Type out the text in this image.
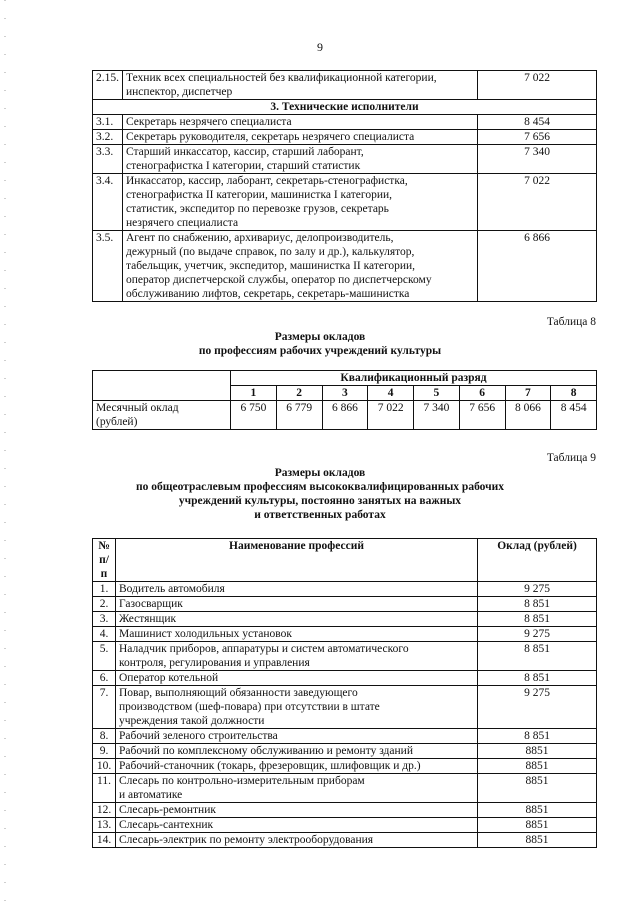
9
2.15.	Техник всех специальностей без квалификационной категории,
инспектор, диспетчер	7 022
3. Технические исполнители		
3.1.	Секретарь незрячего специалиста	8 454
3.2.	Секретарь руководителя, секретарь незрячего специалиста	7 656
3.3.	Старший инкассатор, кассир, старший лаборант,
стенографистка I категории, старший статистик	7 340
3.4.	Инкассатор, кассир, лаборант, секретарь-стенографистка,
стенографистка II категории, машинистка I категории,
статистик, экспедитор по перевозке грузов, секретарь
незрячего специалиста	7 022
3.5.	Агент по снабжению, архивариус, делопроизводитель,
дежурный (по выдаче справок, по залу и др.), калькулятор,
табельщик, учетчик, экспедитор, машинистка II категории,
оператор диспетчерской службы, оператор по диспетчерскому
обслуживанию лифтов, секретарь, секретарь-машинистка	6 866
Таблица 8
Размеры окладов
по профессиям рабочих учреждений культуры
	Квалификационный разряд							
	1	2	3	4	5	6	7	8

Месячный оклад
(рублей)	6 750	6 779	6 866	7 022	7 340	7 656	8 066	8 454
Таблица 9
Размеры окладов
по общеотраслевым профессиям высококвалифицированных рабочих
учреждений культуры, постоянно занятых на важных
и ответственных работах
№
п/п	Наименование профессий	Оклад (рублей)
1.	Водитель автомобиля	9 275
2.	Газосварщик	8 851
3.	Жестянщик	8 851
4.	Машинист холодильных установок	9 275
5.	Наладчик приборов, аппаратуры и систем автоматического
контроля, регулирования и управления	8 851
6.	Оператор котельной	8 851
7.	Повар, выполняющий обязанности заведующего
производством (шеф-повара) при отсутствии в штате
учреждения такой должности	9 275
8.	Рабочий зеленого строительства	8 851
9.	Рабочий по комплексному обслуживанию и ремонту зданий	8851
10.	Рабочий-станочник (токарь, фрезеровщик, шлифовщик и др.)	8851
11.	Слесарь по контрольно-измерительным приборам
и автоматике	8851
12.	Слесарь-ремонтник	8851
13.	Слесарь-сантехник	8851
14.	Слесарь-электрик по ремонту электрооборудования	8851
